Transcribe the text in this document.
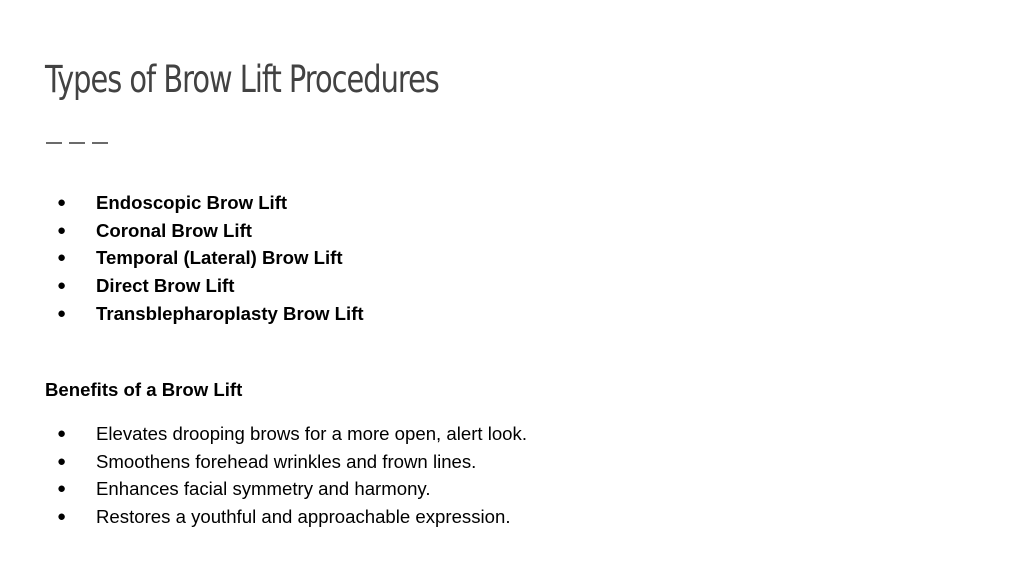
Types of Brow Lift Procedures
● Endoscopic Brow Lift
● Coronal Brow Lift
● Temporal (Lateral) Brow Lift
● Direct Brow Lift
● Transblepharoplasty Brow Lift
Benefits of a Brow Lift
● Elevates drooping brows for a more open, alert look.
● Smoothens forehead wrinkles and frown lines.
● Enhances facial symmetry and harmony.
● Restores a youthful and approachable expression.
